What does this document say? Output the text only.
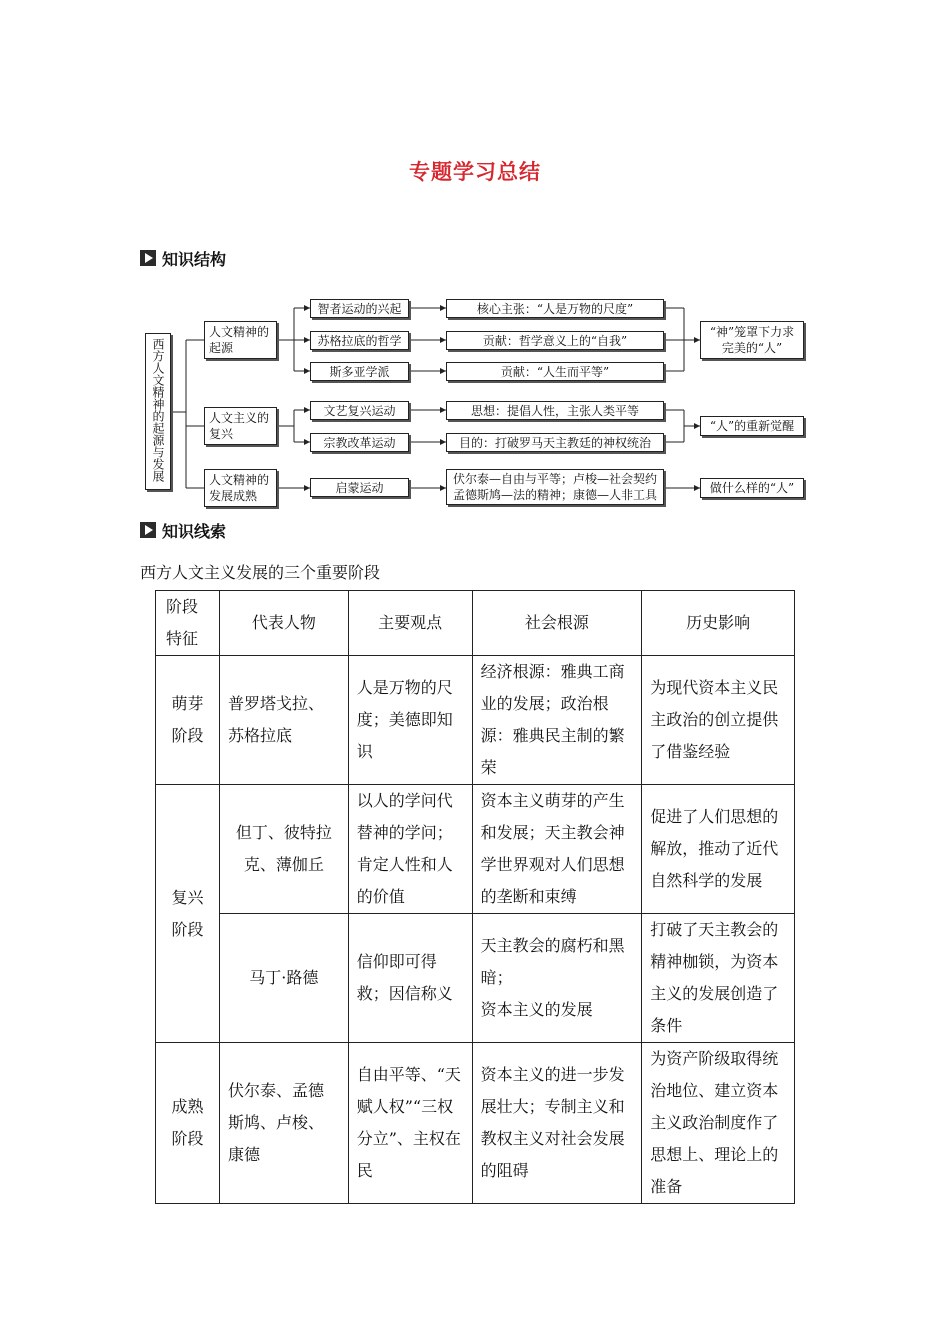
专题学习总结
知识结构
西方人文精神的起源与发展
人文精神的起源
人文主义的复兴
人文精神的发展成熟
智者运动的兴起
苏格拉底的哲学
斯多亚学派
文艺复兴运动
宗教改革运动
启蒙运动
核心主张：“人是万物的尺度”
贡献：哲学意义上的“自我”
贡献：“人生而平等”
思想：提倡人性，主张人类平等
目的：打破罗马天主教廷的神权统治
伏尔泰—自由与平等；卢梭—社会契约
孟德斯鸠—法的精神；康德—人非工具
“神”笼罩下力求完美的“人”
“人”的重新觉醒
做什么样的“人”
知识线索
西方人文主义发展的三个重要阶段
阶段特征	代表人物	主要观点	社会根源	历史影响
萌芽阶段	普罗塔戈拉、苏格拉底	人是万物的尺度；美德即知识	经济根源：雅典工商业的发展；政治根源：雅典民主制的繁荣	为现代资本主义民主政治的创立提供了借鉴经验
复兴阶段	但丁、彼特拉克、薄伽丘	以人的学问代替神的学问；肯定人性和人的价值	资本主义萌芽的产生和发展；天主教会神学世界观对人们思想的垄断和束缚	促进了人们思想的解放，推动了近代自然科学的发展
	马丁·路德	信仰即可得救；因信称义	天主教会的腐朽和黑暗；
资本主义的发展	打破了天主教会的精神枷锁，为资本主义的发展创造了条件
成熟阶段	伏尔泰、孟德斯鸠、卢梭、康德	自由平等、“天赋人权”“三权分立”、主权在民	资本主义的进一步发展壮大；专制主义和教权主义对社会发展的阻碍	为资产阶级取得统治地位、建立资本主义政治制度作了思想上、理论上的准备
